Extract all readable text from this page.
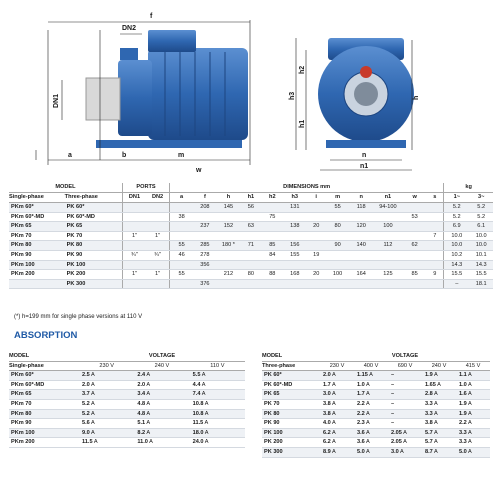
f
DN2
DN1
a	b
w
m
h2
h
h1
h3
n
n1
MODEL		PORTS		DIMENSIONS mm												kg	
Single-phase	Three-phase	DN1	DN2	a	f	h	h1	h2	h3	i	m	n	n1	w	s	1~	3~
PKm 60*	PK 60*				208	145	56		131		55	118	94-100			5.2	5.2
PKm 60*-MD	PK 60*-MD			38				75						53		5.2	5.2
PKm 65	PK 65				237	152	63		138	20	80	120	100			6.9	6.1
PKm 70	PK 70	1"	1"												7	10.0	10.0
PKm 80	PK 80			55	285	180 *	71	85	156		90	140	112	62		10.0	10.0
PKm 90	PK 90	¾"	¾"	46	278			84	155	19						10.2	10.1
PKm 100	PK 100				356											14.3	14.3
PKm 200	PK 200	1"	1"	55		212	80	88	168	20	100	164	125	85	9	15.5	15.5
	PK 300				376											–	18.1
(*) h=199 mm for single phase versions at 110 V
ABSORPTION
MODEL	VOLTAGE		
Single-phase	230 V	240 V	110 V
PKm 60*	2.5 A	2.4 A	5.5 A
PKm 60*-MD	2.0 A	2.0 A	4.4 A
PKm 65	3.7 A	3.4 A	7.4 A
PKm 70	5.2 A	4.8 A	10.8 A
PKm 80	5.2 A	4.8 A	10.8 A
PKm 90	5.6 A	5.1 A	11.5 A
PKm 100	9.0 A	8.2 A	18.0 A
PKm 200	11.5 A	11.0 A	24.0 A
MODEL	VOLTAGE				
Three-phase	230 V	400 V	690 V	240 V	415 V
PK 60*	2.0 A	1.15 A	–	1.9 A	1.1 A
PK 60*-MD	1.7 A	1.0 A	–	1.65 A	1.0 A
PK 65	3.0 A	1.7 A	–	2.8 A	1.6 A
PK 70	3.8 A	2.2 A	–	3.3 A	1.9 A
PK 80	3.8 A	2.2 A	–	3.3 A	1.9 A
PK 90	4.0 A	2.3 A	–	3.8 A	2.2 A
PK 100	6.2 A	3.6 A	2.05 A	5.7 A	3.3 A
PK 200	6.2 A	3.6 A	2.05 A	5.7 A	3.3 A
PK 300	8.9 A	5.0 A	3.0 A	8.7 A	5.0 A
